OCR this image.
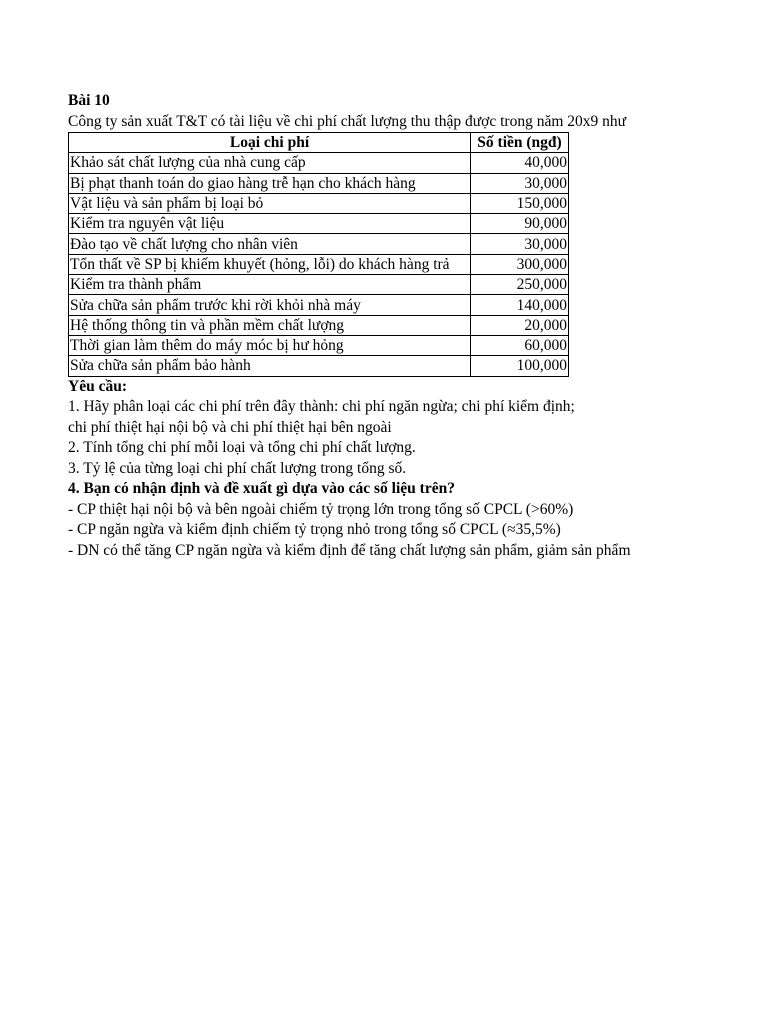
Bài 10
Công ty sản xuất T&T có tài liệu về chi phí chất lượng thu thập được trong năm 20x9 như
Loại chi phí	Số tiền (ngđ)
Khảo sát chất lượng của nhà cung cấp	40,000
Bị phạt thanh toán do giao hàng trễ hạn cho khách hàng	30,000
Vật liệu và sản phẩm bị loại bỏ	150,000
Kiểm tra nguyên vật liệu	90,000
Đào tạo về chất lượng cho nhân viên	30,000
Tổn thất về SP bị khiếm khuyết (hỏng, lỗi) do khách hàng trả	300,000
Kiểm tra thành phẩm	250,000
Sửa chữa sản phẩm trước khi rời khỏi nhà máy	140,000
Hệ thống thông tin và phần mềm chất lượng	20,000
Thời gian làm thêm do máy móc bị hư hỏng	60,000
Sửa chữa sản phẩm bảo hành	100,000
Yêu cầu:
1. Hãy phân loại các chi phí trên đây thành: chi phí ngăn ngừa; chi phí kiểm định;
chi phí thiệt hại nội bộ và chi phí thiệt hại bên ngoài
2. Tính tổng chi phí mỗi loại và tổng chi phí chất lượng.
3. Tỷ lệ của từng loại chi phí chất lượng trong tổng số.
4. Bạn có nhận định và đề xuất gì dựa vào các số liệu trên?
- CP thiệt hại nội bộ và bên ngoài chiếm tỷ trọng lớn trong tổng số CPCL (>60%)
- CP ngăn ngừa và kiểm định chiếm tỷ trọng nhỏ trong tổng số CPCL (≈35,5%)
- DN có thể tăng CP ngăn ngừa và kiểm định để tăng chất lượng sản phẩm, giảm sản phẩm
